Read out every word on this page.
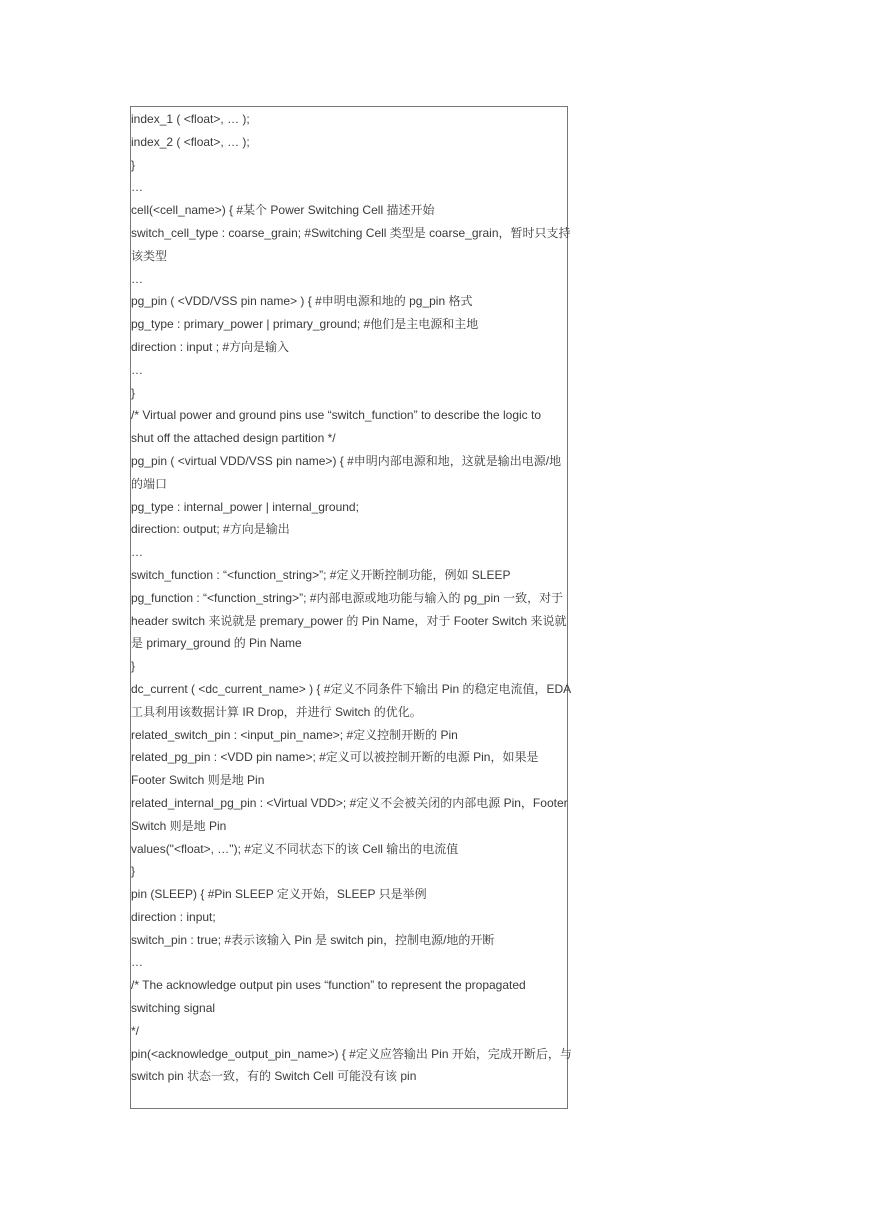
index_1 ( <float>, … );
index_2 ( <float>, … );
}
…
cell(<cell_name>) { #某个 Power Switching Cell 描述开始
switch_cell_type : coarse_grain; #Switching Cell 类型是 coarse_grain，暂时只支持该类型
…
pg_pin ( <VDD/VSS pin name> ) { #申明电源和地的 pg_pin 格式
pg_type : primary_power | primary_ground; #他们是主电源和主地
direction : input ; #方向是输入
…
}
/* Virtual power and ground pins use “switch_function” to describe the logic to
shut off the attached design partition */
pg_pin ( <virtual VDD/VSS pin name>) { #申明内部电源和地，这就是输出电源/地的端口
pg_type : internal_power | internal_ground;
direction: output; #方向是输出
…
switch_function : “<function_string>”; #定义开断控制功能，例如 SLEEP
pg_function : “<function_string>”; #内部电源或地功能与输入的 pg_pin 一致，对于 header switch 来说就是 premary_power 的 Pin Name，对于 Footer Switch 来说就是 primary_ground 的 Pin Name
}
dc_current ( <dc_current_name> ) { #定义不同条件下输出 Pin 的稳定电流值，EDA 工具利用该数据计算 IR Drop，并进行 Switch 的优化。
related_switch_pin : <input_pin_name>; #定义控制开断的 Pin
related_pg_pin : <VDD pin name>; #定义可以被控制开断的电源 Pin，如果是 Footer Switch 则是地 Pin
related_internal_pg_pin : <Virtual VDD>; #定义不会被关闭的内部电源 Pin，Footer Switch 则是地 Pin
values("<float>, …"); #定义不同状态下的该 Cell 输出的电流值
}
pin (SLEEP) { #Pin SLEEP 定义开始，SLEEP 只是举例
direction : input;
switch_pin : true; #表示该输入 Pin 是 switch pin，控制电源/地的开断
…
/* The acknowledge output pin uses “function” to represent the propagated switching signal
*/
pin(<acknowledge_output_pin_name>) { #定义应答输出 Pin 开始，完成开断后，与 switch pin 状态一致，有的 Switch Cell 可能没有该 pin
